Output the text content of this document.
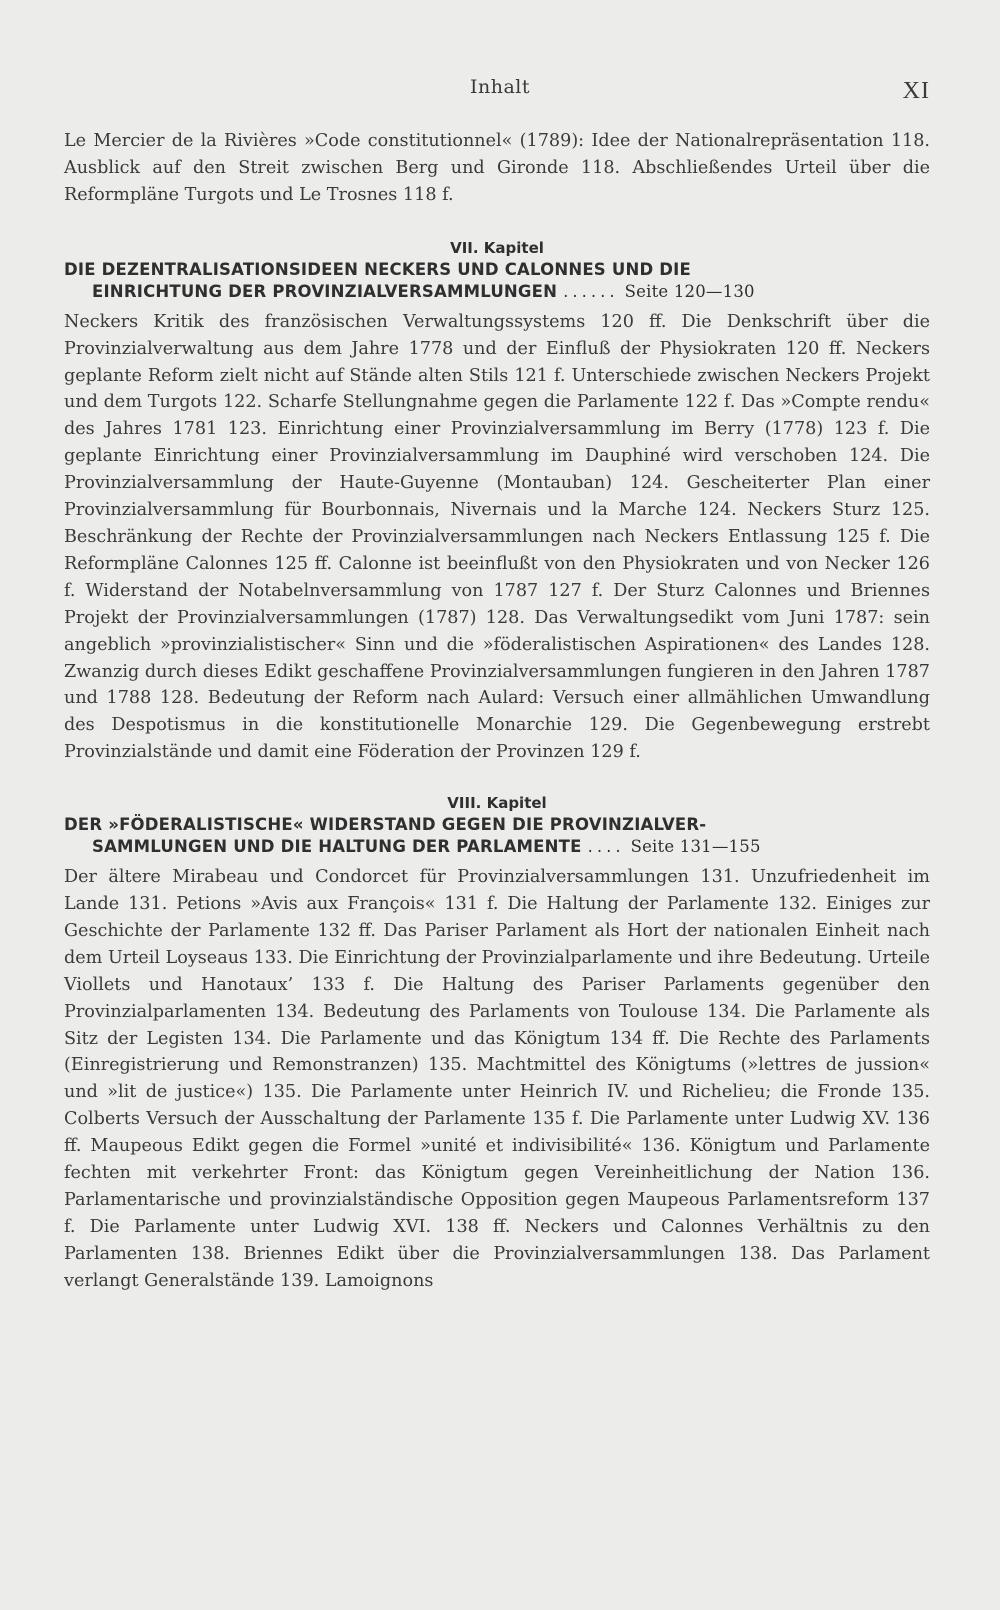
Inhalt	XI

Le Mercier de la Rivières »Code constitutionnel« (1789): Idee der Nationalrepräsentation 118. Ausblick auf den Streit zwischen Berg und Gironde 118. Abschließendes Urteil über die Reformpläne Turgots und Le Trosnes 118 f.

VII. Kapitel
DIE DEZENTRALISATIONSIDEEN NECKERS UND CALONNES UND DIE
EINRICHTUNG DER PROVINZIALVERSAMMLUNGEN ...... Seite 120—130

Neckers Kritik des französischen Verwaltungssystems 120 ff. Die Denkschrift über die Provinzialverwaltung aus dem Jahre 1778 und der Einfluß der Physiokraten 120 ff. Neckers geplante Reform zielt nicht auf Stände alten Stils 121 f. Unterschiede zwischen Neckers Projekt und dem Turgots 122. Scharfe Stellungnahme gegen die Parlamente 122 f. Das »Compte rendu« des Jahres 1781 123. Einrichtung einer Provinzialversammlung im Berry (1778) 123 f. Die geplante Einrichtung einer Provinzialversammlung im Dauphiné wird verschoben 124. Die Provinzialversammlung der Haute-Guyenne (Montauban) 124. Gescheiterter Plan einer Provinzialversammlung für Bourbonnais, Nivernais und la Marche 124. Neckers Sturz 125. Beschränkung der Rechte der Provinzialversammlungen nach Neckers Entlassung 125 f. Die Reformpläne Calonnes 125 ff. Calonne ist beeinflußt von den Physiokraten und von Necker 126 f. Widerstand der Notabelnversammlung von 1787 127 f. Der Sturz Calonnes und Briennes Projekt der Provinzialversammlungen (1787) 128. Das Verwaltungsedikt vom Juni 1787: sein angeblich »provinzialistischer« Sinn und die »föderalistischen Aspirationen« des Landes 128. Zwanzig durch dieses Edikt geschaffene Provinzialversammlungen fungieren in den Jahren 1787 und 1788 128. Bedeutung der Reform nach Aulard: Versuch einer allmählichen Umwandlung des Despotismus in die konstitutionelle Monarchie 129. Die Gegenbewegung erstrebt Provinzialstände und damit eine Föderation der Provinzen 129 f.

VIII. Kapitel
DER »FÖDERALISTISCHE« WIDERSTAND GEGEN DIE PROVINZIALVER-
SAMMLUNGEN UND DIE HALTUNG DER PARLAMENTE .... Seite 131—155

Der ältere Mirabeau und Condorcet für Provinzialversammlungen 131. Unzufriedenheit im Lande 131. Petions »Avis aux François« 131 f. Die Haltung der Parlamente 132. Einiges zur Geschichte der Parlamente 132 ff. Das Pariser Parlament als Hort der nationalen Einheit nach dem Urteil Loyseaus 133. Die Einrichtung der Provinzialparlamente und ihre Bedeutung. Urteile Viollets und Hanotaux’ 133 f. Die Haltung des Pariser Parlaments gegenüber den Provinzialparlamenten 134. Bedeutung des Parlaments von Toulouse 134. Die Parlamente als Sitz der Legisten 134. Die Parlamente und das Königtum 134 ff. Die Rechte des Parlaments (Einregistrierung und Remonstranzen) 135. Machtmittel des Königtums (»lettres de jussion« und »lit de justice«) 135. Die Parlamente unter Heinrich IV. und Richelieu; die Fronde 135. Colberts Versuch der Ausschaltung der Parlamente 135 f. Die Parlamente unter Ludwig XV. 136 ff. Maupeous Edikt gegen die Formel »unité et indivisibilité« 136. Königtum und Parlamente fechten mit verkehrter Front: das Königtum gegen Vereinheitlichung der Nation 136. Parlamentarische und provinzialständische Opposition gegen Maupeous Parlamentsreform 137 f. Die Parlamente unter Ludwig XVI. 138 ff. Neckers und Calonnes Verhältnis zu den Parlamenten 138. Briennes Edikt über die Provinzialversammlungen 138. Das Parlament verlangt Generalstände 139. Lamoignons
